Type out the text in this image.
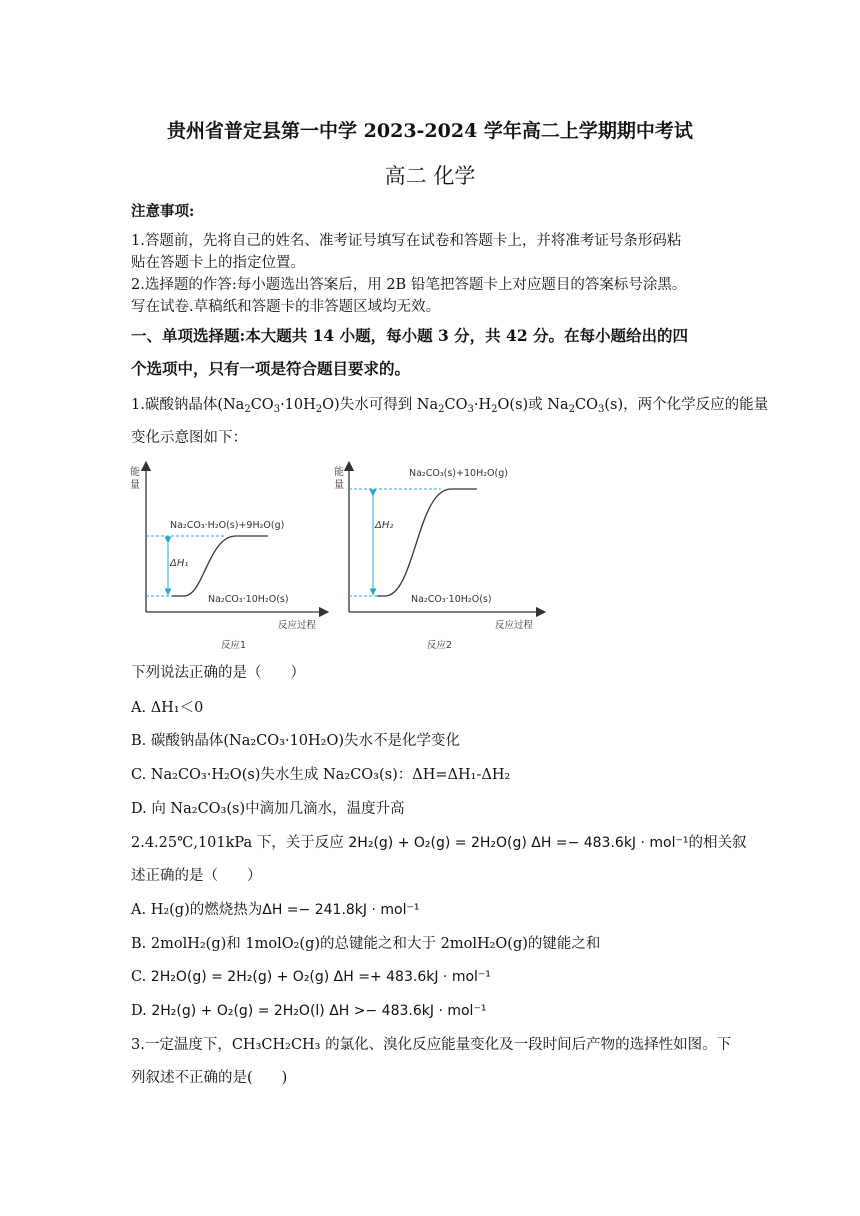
贵州省普定县第一中学 2023-2024 学年高二上学期期中考试
高二 化学
注意事项:
1.答题前，先将自己的姓名、准考证号填写在试卷和答题卡上，并将准考证号条形码粘
贴在答题卡上的指定位置。
2.选择题的作答:每小题选出答案后，用 2B 铅笔把答题卡上对应题目的答案标号涂黑。
写在试卷.草稿纸和答题卡的非答题区域均无效。
一、单项选择题:本大题共 14 小题，每小题 3 分，共 42 分。在每小题给出的四
个选项中，只有一项是符合题目要求的。
1.碳酸钠晶体$(Na_2CO_3\cdot 10H_2O)$失水可得到 $Na_2CO_3\cdot H_2O(s)$或 $Na_2CO_3(s)$，两个化学反应的能量
变化示意图如下：
能
量
Na₂CO₃·H₂O(s)+9H₂O(g)
Na₂CO₃·10H₂O(s)
ΔH₁
反应过程
反应1
能
量
Na₂CO₃(s)+10H₂O(g)
Na₂CO₃·10H₂O(s)
ΔH₂
反应过程
反应2
下列说法正确的是（　　）
A. ΔH₁＜0
B. 碳酸钠晶体(Na₂CO₃·10H₂O)失水不是化学变化
C. Na₂CO₃·H₂O(s)失水生成 Na₂CO₃(s)：ΔH=ΔH₁-ΔH₂
D. 向 Na₂CO₃(s)中滴加几滴水，温度升高
2.4.25℃,101kPa 下，关于反应 2H₂(g) + O₂(g) = 2H₂O(g) ΔH =− 483.6kJ · mol⁻¹的相关叙
述正确的是（　　）
A. H₂(g)的燃烧热为ΔH =− 241.8kJ · mol⁻¹
B. 2molH₂(g)和 1molO₂(g)的总键能之和大于 2molH₂O(g)的键能之和
C. 2H₂O(g) = 2H₂(g) + O₂(g) ΔH =+ 483.6kJ · mol⁻¹
D. 2H₂(g) + O₂(g) = 2H₂O(l) ΔH >− 483.6kJ · mol⁻¹
3.一定温度下，CH₃CH₂CH₃ 的氯化、溴化反应能量变化及一段时间后产物的选择性如图。下
列叙述不正确的是(　　)
